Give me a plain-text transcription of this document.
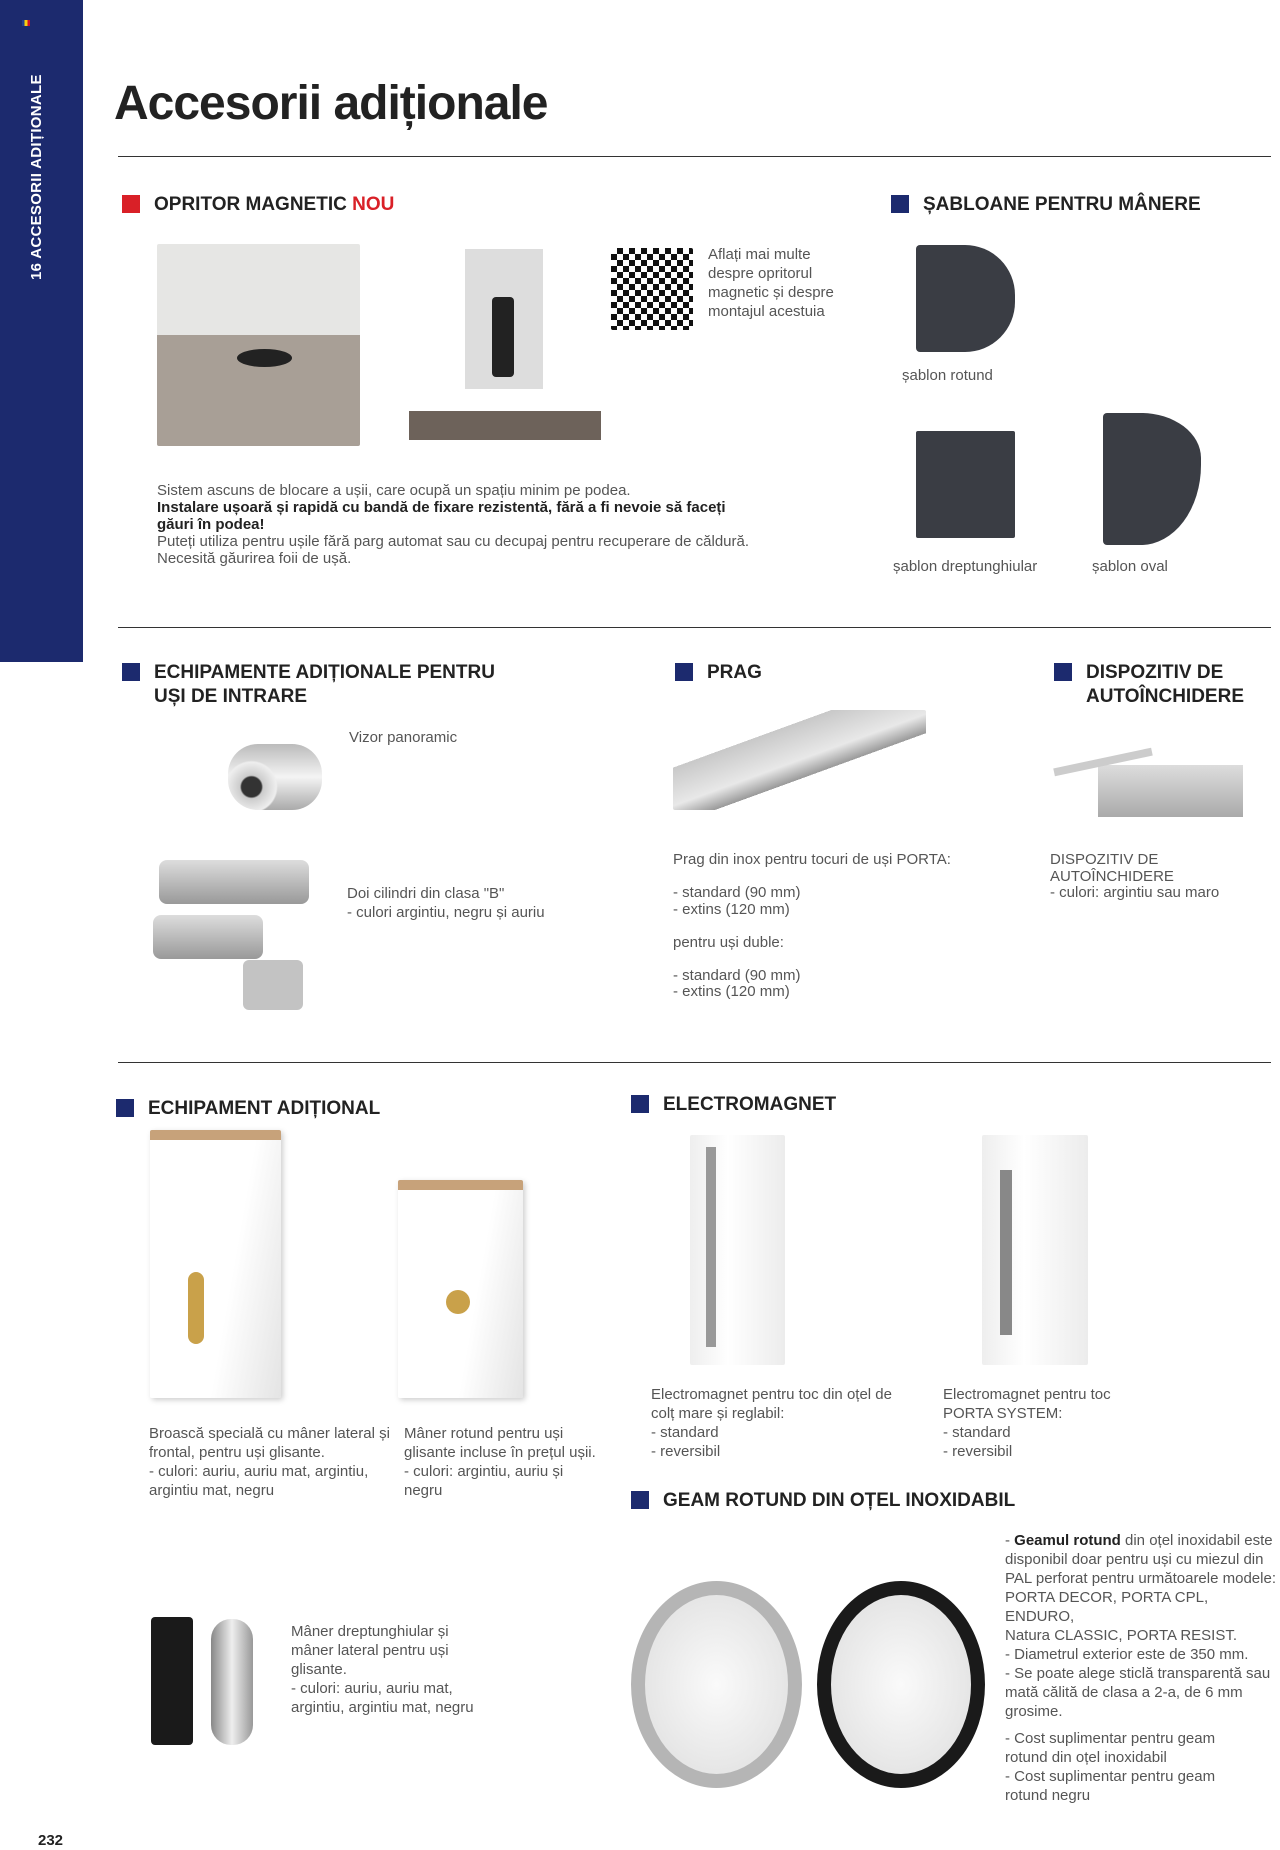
16 ACCESORII ADIȚIONALE Accesorii adiționale
OPRITOR MAGNETIC NOU
Aflați mai multe
despre opritorul
magnetic și despre
montajul acestuia
Sistem ascuns de blocare a ușii, care ocupă un spațiu minim pe podea.
Instalare ușoară și rapidă cu bandă de fixare rezistentă, fără a fi nevoie să faceți găuri în podea!
Puteți utiliza pentru ușile fără parg automat sau cu decupaj pentru recuperare de căldură.
Necesită găurirea foii de ușă.
ȘABLOANE PENTRU MÂNERE
șablon rotund
șablon dreptunghiular	șablon oval
ECHIPAMENTE ADIȚIONALE PENTRU
UȘI DE INTRARE
Vizor panoramic
Doi cilindri din clasa "B"
- culori argintiu, negru și auriu
PRAG
Prag din inox pentru tocuri de uși PORTA:

- standard (90 mm)
- extins (120 mm)

pentru uși duble:

- standard (90 mm)
- extins (120 mm)
DISPOZITIV DE
AUTOÎNCHIDERE
DISPOZITIV DE
AUTOÎNCHIDERE
- culori: argintiu sau maro
ECHIPAMENT ADIȚIONAL
Broască specială cu mâner lateral și
frontal, pentru uși glisante.
- culori: auriu, auriu mat, argintiu,
argintiu mat, negru
Mâner rotund pentru uși
glisante incluse în prețul ușii.
- culori: argintiu, auriu și
negru
Mâner dreptunghiular și
mâner lateral pentru uși
glisante.
- culori: auriu, auriu mat,
argintiu, argintiu mat, negru
ELECTROMAGNET
Electromagnet pentru toc din oțel de
colț mare și reglabil:
- standard
- reversibil
Electromagnet pentru toc
PORTA SYSTEM:
- standard
- reversibil
GEAM ROTUND DIN OȚEL INOXIDABIL
- Geamul rotund din oțel inoxidabil este
disponibil doar pentru uși cu miezul din
PAL perforat pentru următoarele modele:
PORTA DECOR, PORTA CPL, ENDURO,
Natura CLASSIC, PORTA RESIST.
- Diametrul exterior este de 350 mm.
- Se poate alege sticlă transparentă sau
mată călită de clasa a 2-a, de 6 mm
grosime.
- Cost suplimentar pentru geam
rotund din oțel inoxidabil
- Cost suplimentar pentru geam
rotund negru
232
